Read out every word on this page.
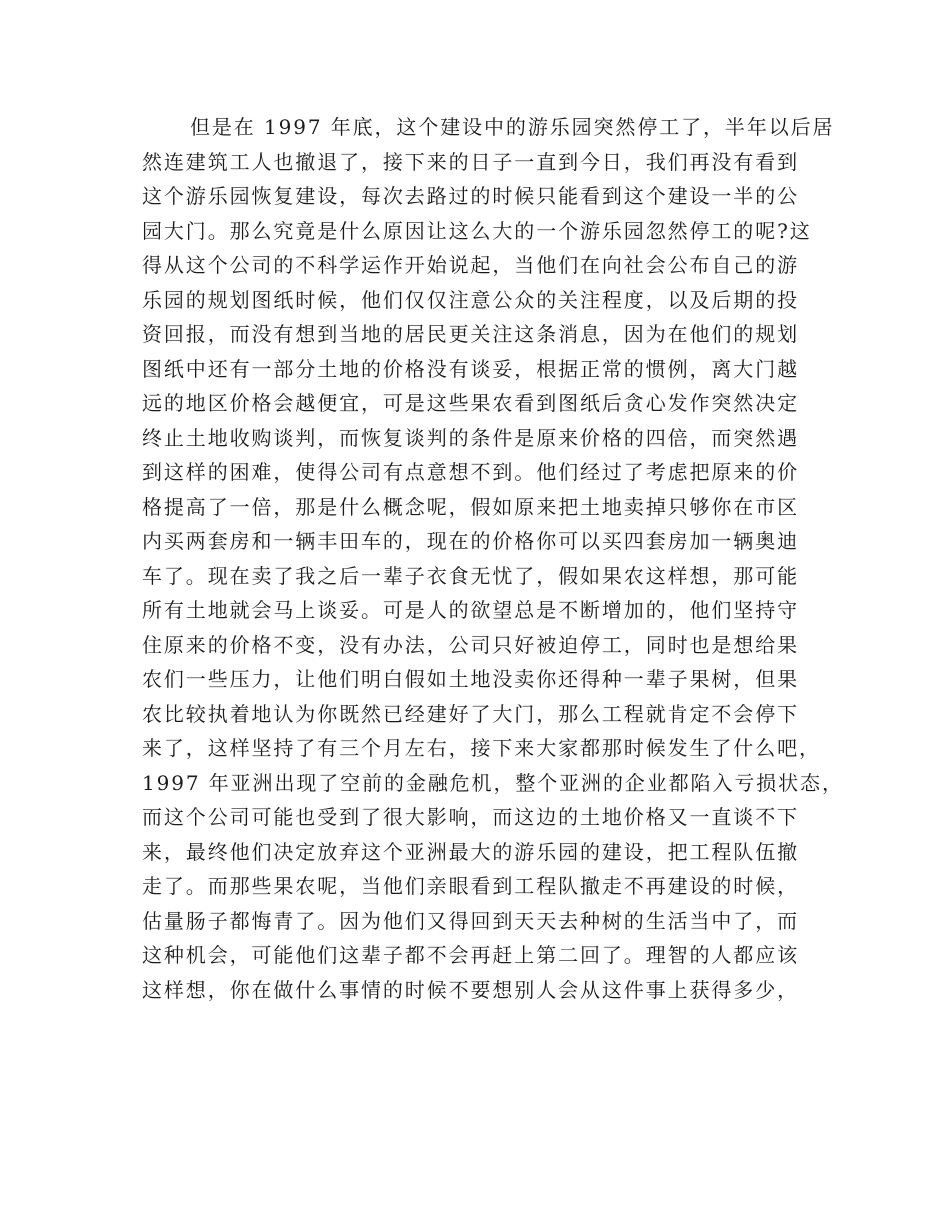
但是在 1997 年底，这个建设中的游乐园突然停工了，半年以后居
然连建筑工人也撤退了，接下来的日子一直到今日，我们再没有看到
这个游乐园恢复建设，每次去路过的时候只能看到这个建设一半的公
园大门。那么究竟是什么原因让这么大的一个游乐园忽然停工的呢?这
得从这个公司的不科学运作开始说起，当他们在向社会公布自己的游
乐园的规划图纸时候，他们仅仅注意公众的关注程度，以及后期的投
资回报，而没有想到当地的居民更关注这条消息，因为在他们的规划
图纸中还有一部分土地的价格没有谈妥，根据正常的惯例，离大门越
远的地区价格会越便宜，可是这些果农看到图纸后贪心发作突然决定
终止土地收购谈判，而恢复谈判的条件是原来价格的四倍，而突然遇
到这样的困难，使得公司有点意想不到。他们经过了考虑把原来的价
格提高了一倍，那是什么概念呢，假如原来把土地卖掉只够你在市区
内买两套房和一辆丰田车的，现在的价格你可以买四套房加一辆奥迪
车了。现在卖了我之后一辈子衣食无忧了，假如果农这样想，那可能
所有土地就会马上谈妥。可是人的欲望总是不断增加的，他们坚持守
住原来的价格不变，没有办法，公司只好被迫停工，同时也是想给果
农们一些压力，让他们明白假如土地没卖你还得种一辈子果树，但果
农比较执着地认为你既然已经建好了大门，那么工程就肯定不会停下
来了，这样坚持了有三个月左右，接下来大家都那时候发生了什么吧，
1997 年亚洲出现了空前的金融危机，整个亚洲的企业都陷入亏损状态，
而这个公司可能也受到了很大影响，而这边的土地价格又一直谈不下
来，最终他们决定放弃这个亚洲最大的游乐园的建设，把工程队伍撤
走了。而那些果农呢，当他们亲眼看到工程队撤走不再建设的时候，
估量肠子都悔青了。因为他们又得回到天天去种树的生活当中了，而
这种机会，可能他们这辈子都不会再赶上第二回了。理智的人都应该
这样想，你在做什么事情的时候不要想别人会从这件事上获得多少，
